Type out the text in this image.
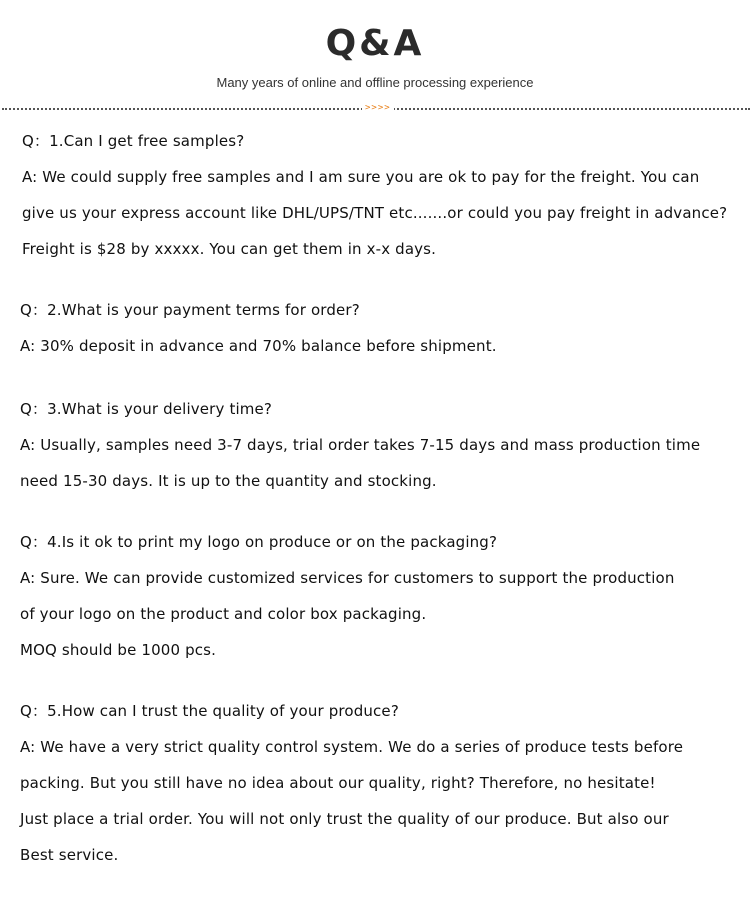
Q&A
Many years of online and offline processing experience
>>>>
Q：1.Can I get free samples?
A: We could supply free samples and I am sure you are ok to pay for the freight. You can
give us your express account like DHL/UPS/TNT etc.......or could you pay freight in advance?
Freight is $28 by xxxxx. You can get them in x-x days.
Q：2.What is your payment terms for order?
A: 30% deposit in advance and 70% balance before shipment.
Q：3.What is your delivery time?
A: Usually, samples need 3-7 days, trial order takes 7-15 days and mass production time
need 15-30 days. It is up to the quantity and stocking.
Q：4.Is it ok to print my logo on produce or on the packaging?
A: Sure. We can provide customized services for customers to support the production
of your logo on the product and color box packaging.
MOQ should be 1000 pcs.
Q：5.How can I trust the quality of your produce?
A: We have a very strict quality control system. We do a series of produce tests before
packing. But you still have no idea about our quality, right? Therefore, no hesitate!
Just place a trial order. You will not only trust the quality of our produce. But also our
Best service.
